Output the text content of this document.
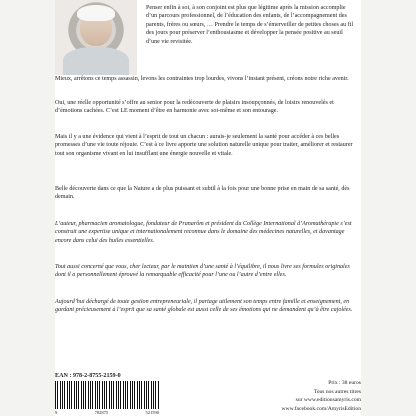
Penser enfin à soi, à son conjoint est plus que légitime après la mission accomplie d’un parcours professionnel, de l’éducation des enfants, de l’accompagnement des parents, frères ou sœurs, … Prendre le temps de s’émerveiller de petites choses au fil des jours pour préserver l’enthousiasme et développer la pensée positive au seuil d’une vie revisitée.
Mieux, arrêtons ce temps assassin, levons les contraintes trop lourdes, vivons l’instant présent, créons notre riche avenir.
Oui, une réelle opportunité s’offre au senior pour la redécouverte de plaisirs insoupçonnés, de loisirs renouvelés et d’émotions cachées. C’est LE moment d’être en harmonie avec soi-même et son entourage.
Mais il y a une évidence qui vient à l’esprit de tout un chacun : aurais-je seulement la santé pour accéder à ces belles promesses d’une vie toute réjouie. C’est à ce livre apporte une solution naturelle unique pour traiter, améliorer et restaurer tout son organisme vivant en lui insufflant une énergie nouvelle et vitale.
Belle découverte dans ce que la Nature a de plus puissant et subtil à la fois pour une bonne prise en main de sa santé, dès demain.
L’auteur, pharmacien aromatologue, fondateur de Pranarôm et président du Collège International d’Aromathérapie s’est construit une expertise unique et internationalement reconnue dans le domaine des médecines naturelles, et davantage encore dans celui des huiles essentielles.
Tout aussi concerné que vous, cher lecteur, par le maintien d’une santé à l’équilibre, il nous livre ses formules originales dont il a personnellement éprouvé la remarquable efficacité pour l’une ou l’autre d’entre elles.
Aujourd’hui déchargé de toute gestion entrepreneuriale, il partage utilement son temps entre famille et enseignement, en gardant précieusement à l’esprit que sa santé globale est aussi celle de ses émotions qui ne demandent qu’à être cajolées.
EAN : 978-2-8755-2159-0
9	782875	521590
Prix : 38 euros
Tous nos autres titres
sur www.editionsamyris.com
www.facebook.com/AmyrisEdition
